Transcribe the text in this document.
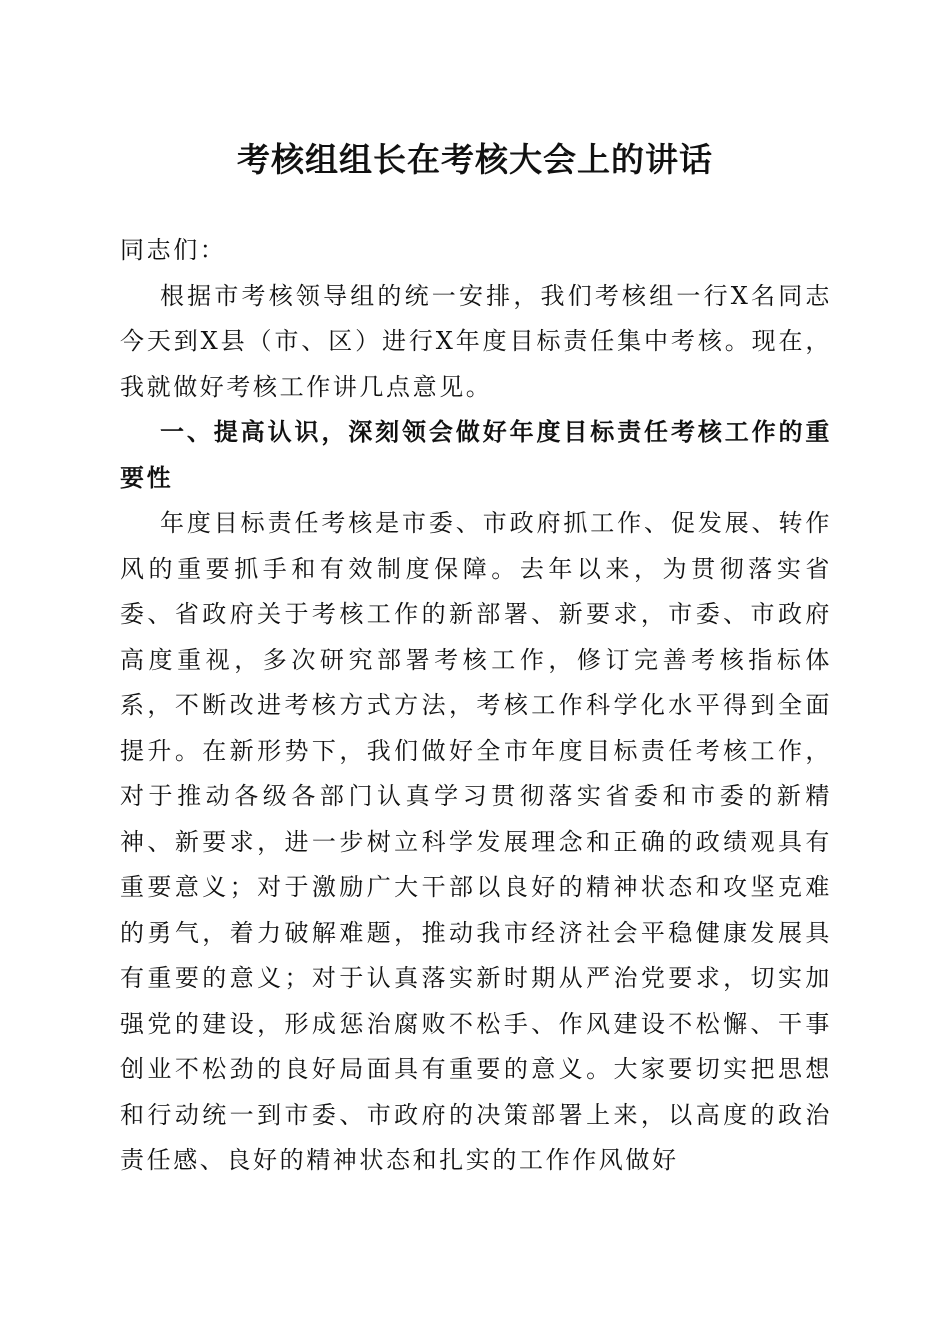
考核组组长在考核大会上的讲话

同志们：

根据市考核领导组的统一安排，我们考核组一行X名同志今天到X县（市、区）进行X年度目标责任集中考核。现在，我就做好考核工作讲几点意见。

一、提高认识，深刻领会做好年度目标责任考核工作的重要性

年度目标责任考核是市委、市政府抓工作、促发展、转作风的重要抓手和有效制度保障。去年以来，为贯彻落实省委、省政府关于考核工作的新部署、新要求，市委、市政府高度重视，多次研究部署考核工作，修订完善考核指标体系，不断改进考核方式方法，考核工作科学化水平得到全面提升。在新形势下，我们做好全市年度目标责任考核工作，对于推动各级各部门认真学习贯彻落实省委和市委的新精神、新要求，进一步树立科学发展理念和正确的政绩观具有重要意义；对于激励广大干部以良好的精神状态和攻坚克难的勇气，着力破解难题，推动我市经济社会平稳健康发展具有重要的意义；对于认真落实新时期从严治党要求，切实加强党的建设，形成惩治腐败不松手、作风建设不松懈、干事创业不松劲的良好局面具有重要的意义。大家要切实把思想和行动统一到市委、市政府的决策部署上来，以高度的政治责任感、良好的精神状态和扎实的工作作风做好
